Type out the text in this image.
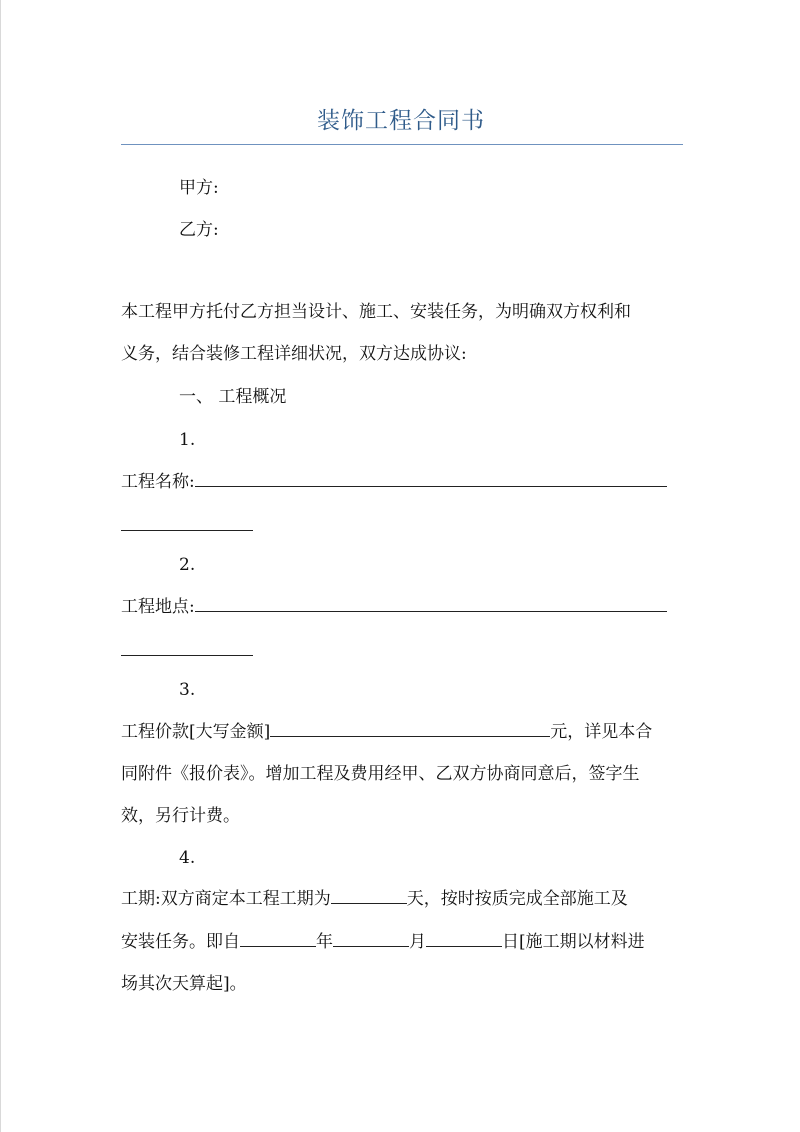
装饰工程合同书
甲方:
乙方:
本工程甲方托付乙方担当设计、施工、安装任务，为明确双方权利和
义务，结合装修工程详细状况，双方达成协议:
一、 工程概况
1.
工程名称:
2.
工程地点:
3.
工程价款[大写金额]	元，详见本合
同附件《报价表》。增加工程及费用经甲、乙双方协商同意后，签字生
效，另行计费。
4.
工期:双方商定本工程工期为	天，按时按质完成全部施工及
安装任务。即自	年	月	日[施工期以材料进
场其次天算起]。
